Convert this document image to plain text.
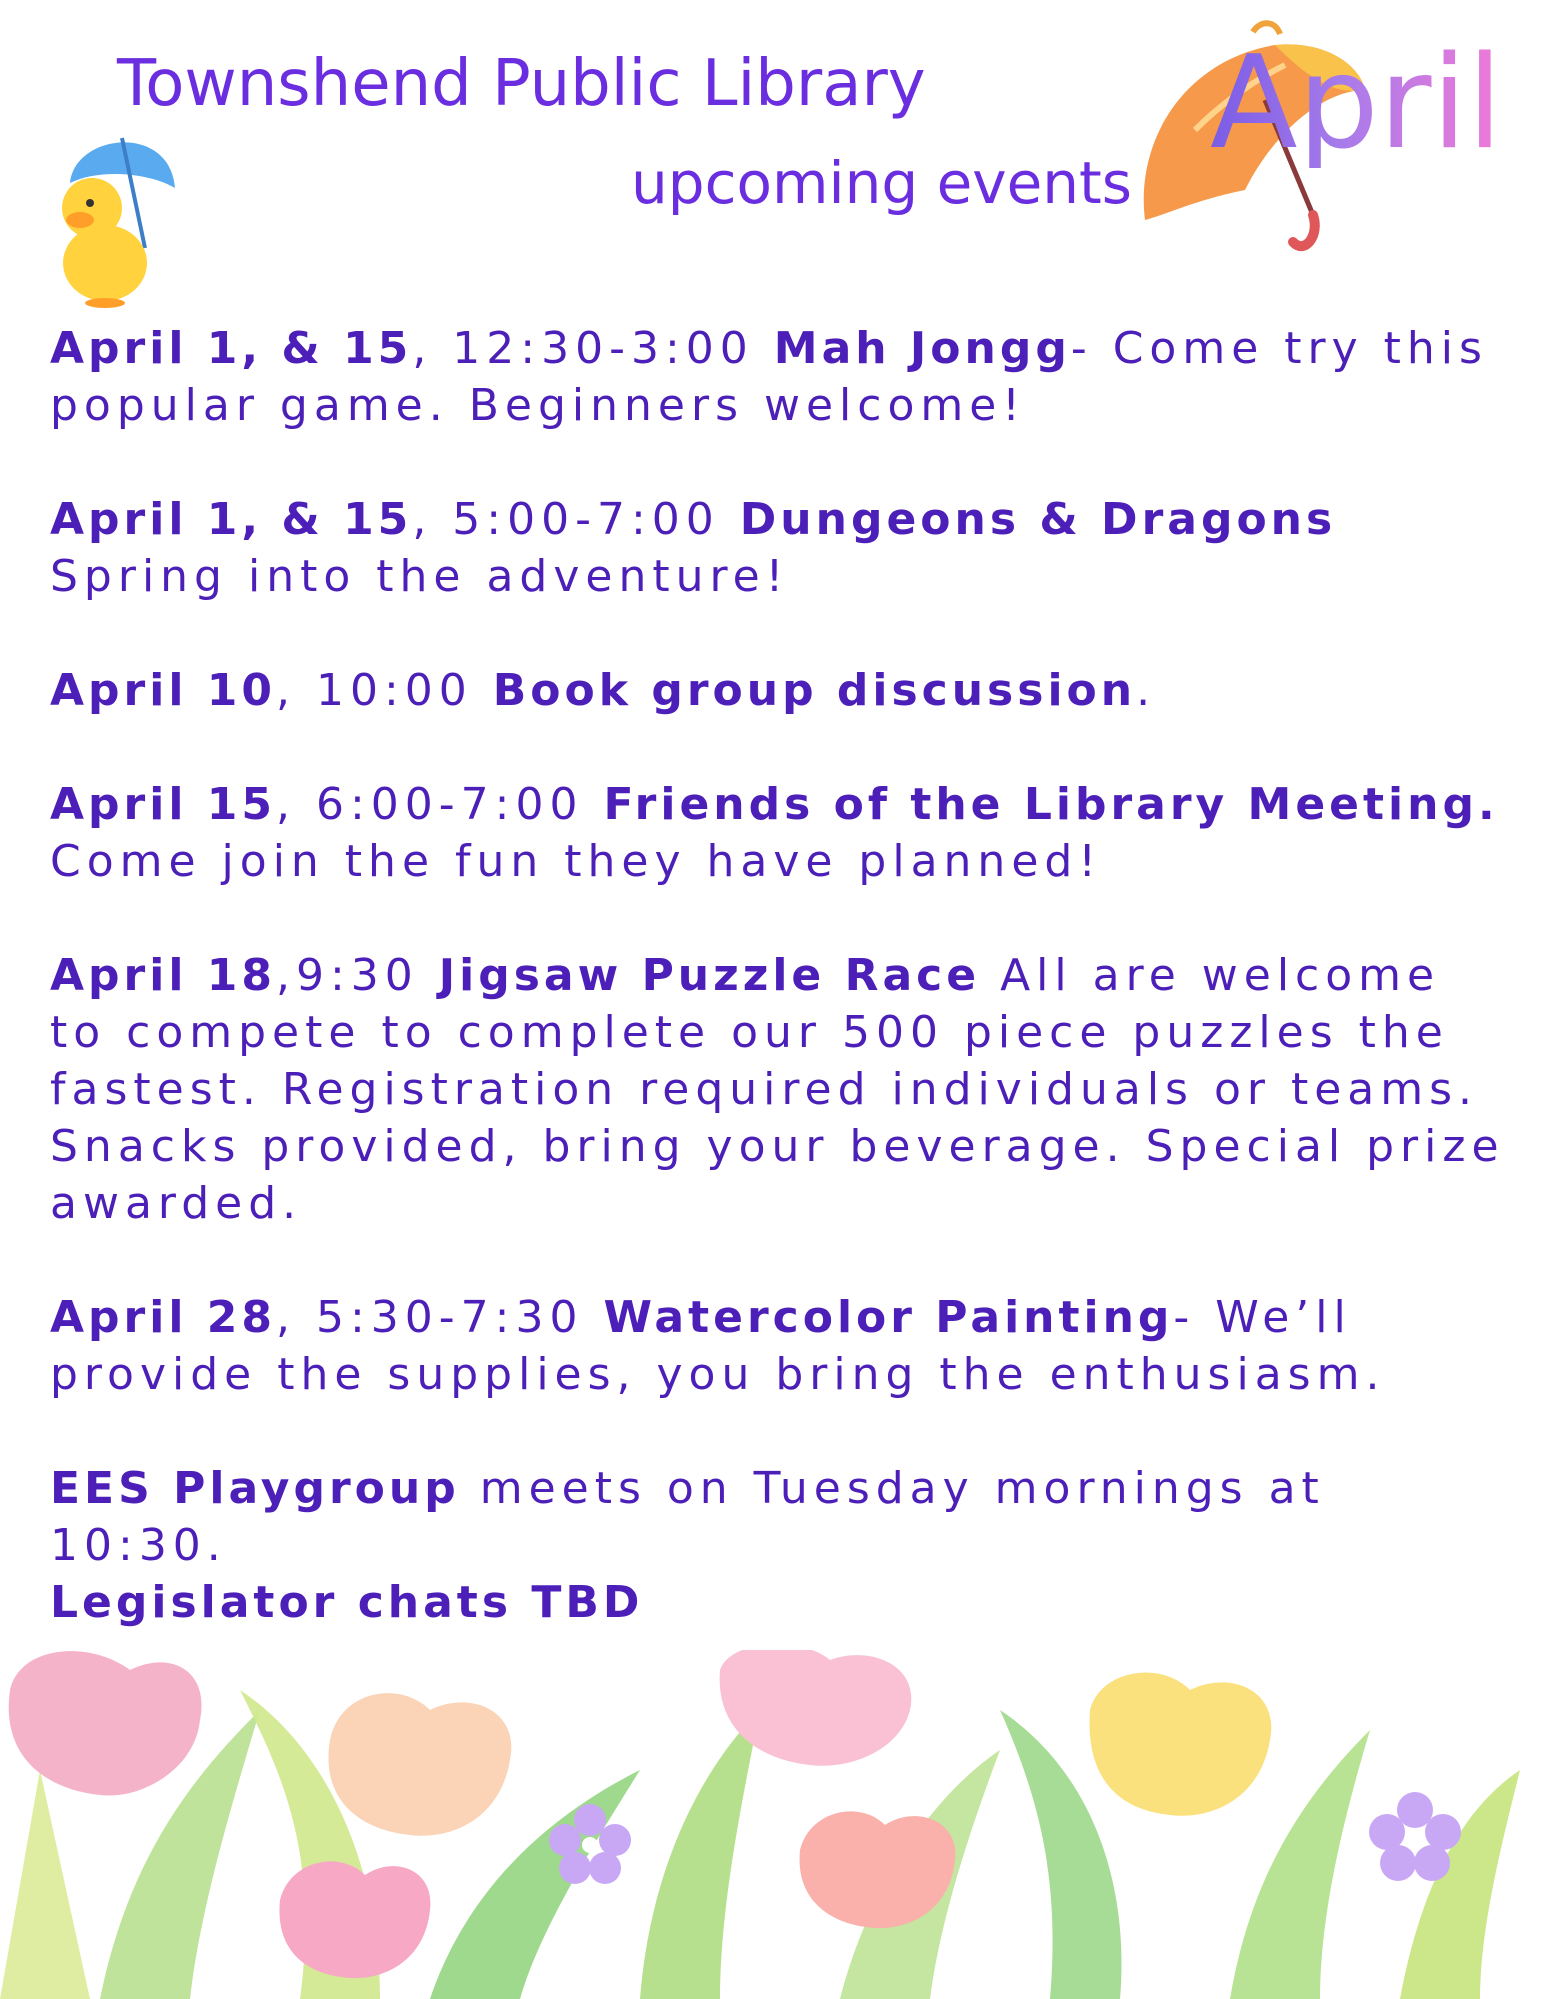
Townshend Public Library
upcoming events
April

April 1, & 15, 12:30-3:00 Mah Jongg- Come try this popular game. Beginners welcome!

April 1, & 15, 5:00-7:00 Dungeons & Dragons Spring into the adventure!

April 10, 10:00 Book group discussion.

April 15, 6:00-7:00 Friends of the Library Meeting. Come join the fun they have planned!

April 18,9:30 Jigsaw Puzzle Race All are welcome to compete to complete our 500 piece puzzles the fastest. Registration required individuals or teams. Snacks provided, bring your beverage. Special prize awarded.

April 28, 5:30-7:30 Watercolor Painting- We’ll provide the supplies, you bring the enthusiasm.

EES Playgroup meets on Tuesday mornings at 10:30.

Legislator chats TBD
